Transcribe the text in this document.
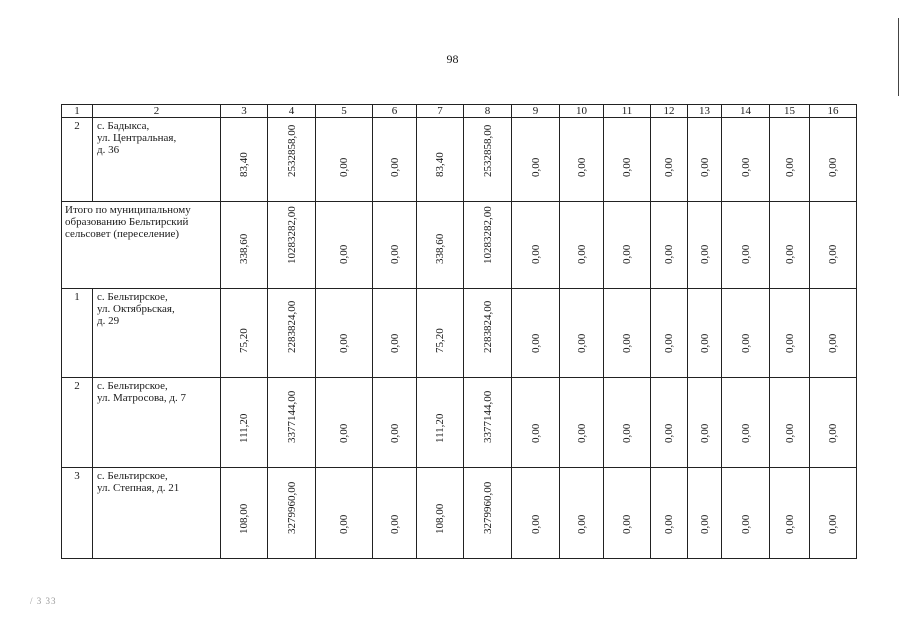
98
/ 3 33
1	2	3	4	5	6	7	8	9	10	11	12	13	14	15	16
2	с. Бадыкса,
ул. Центральная,
д. 36	83,40	2532858,00	0,00	0,00	83,40	2532858,00	0,00	0,00	0,00	0,00	0,00	0,00	0,00	0,00

Итого по муниципальному образованию Бельтирский сельсовет (переселение)		338,60	10283282,00	0,00	0,00	338,60	10283282,00	0,00	0,00	0,00	0,00	0,00	0,00	0,00	0,00

1	с. Бельтирское,
ул. Октябрьская,
д. 29	75,20	2283824,00	0,00	0,00	75,20	2283824,00	0,00	0,00	0,00	0,00	0,00	0,00	0,00	0,00

2	с. Бельтирское,
ул. Матросова, д. 7	111,20	3377144,00	0,00	0,00	111,20	3377144,00	0,00	0,00	0,00	0,00	0,00	0,00	0,00	0,00

3	с. Бельтирское,
ул. Степная, д. 21	108,00	3279960,00	0,00	0,00	108,00	3279960,00	0,00	0,00	0,00	0,00	0,00	0,00	0,00	0,00
